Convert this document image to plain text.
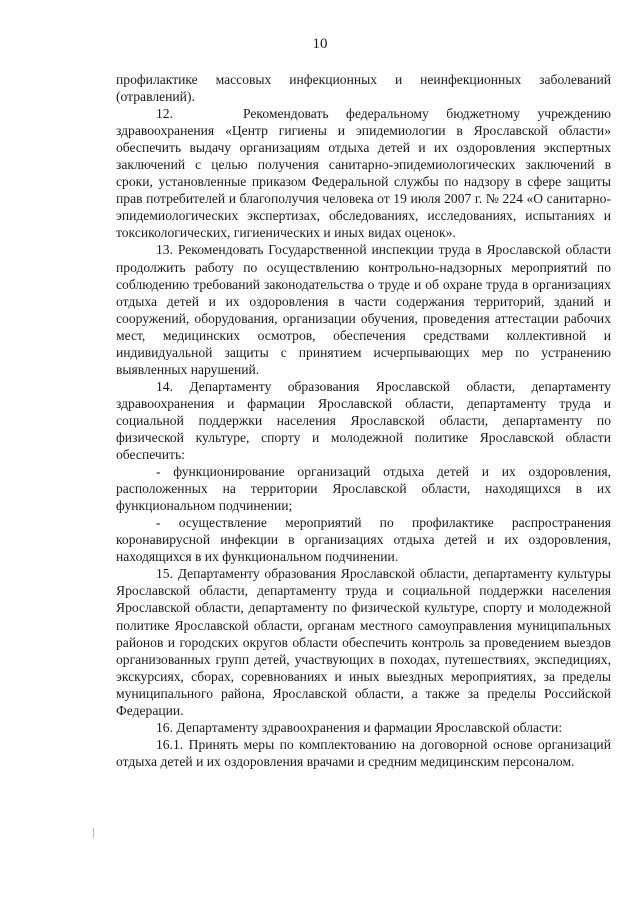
10

профилактике массовых инфекционных и неинфекционных заболеваний (отравлений).

12.	Рекомендовать федеральному бюджетному учреждению здравоохранения «Центр гигиены и эпидемиологии в Ярославской области» обеспечить выдачу организациям отдыха детей и их оздоровления экспертных заключений с целью получения санитарно-эпидемиологических заключений в сроки, установленные приказом Федеральной службы по надзору в сфере защиты прав потребителей и благополучия человека от 19 июля 2007 г. № 224 «О санитарно-эпидемиологических экспертизах, обследованиях, исследованиях, испытаниях и токсикологических, гигиенических и иных видах оценок».

13. Рекомендовать Государственной инспекции труда в Ярославской области продолжить работу по осуществлению контрольно-надзорных мероприятий по соблюдению требований законодательства о труде и об охране труда в организациях отдыха детей и их оздоровления в части содержания территорий, зданий и сооружений, оборудования, организации обучения, проведения аттестации рабочих мест, медицинских осмотров, обеспечения средствами коллективной и индивидуальной защиты с принятием исчерпывающих мер по устранению выявленных нарушений.

14. Департаменту образования Ярославской области, департаменту здравоохранения и фармации Ярославской области, департаменту труда и социальной поддержки населения Ярославской области, департаменту по физической культуре, спорту и молодежной политике Ярославской области обеспечить:

- функционирование организаций отдыха детей и их оздоровления, расположенных на территории Ярославской области, находящихся в их функциональном подчинении;

- осуществление мероприятий по профилактике распространения коронавирусной инфекции в организациях отдыха детей и их оздоровления, находящихся в их функциональном подчинении.

15. Департаменту образования Ярославской области, департаменту культуры Ярославской области, департаменту труда и социальной поддержки населения Ярославской области, департаменту по физической культуре, спорту и молодежной политике Ярославской области, органам местного самоуправления муниципальных районов и городских округов области обеспечить контроль за проведением выездов организованных групп детей, участвующих в походах, путешествиях, экспедициях, экскурсиях, сборах, соревнованиях и иных выездных мероприятиях, за пределы муниципального района, Ярославской области, а также за пределы Российской Федерации.

16. Департаменту здравоохранения и фармации Ярославской области:

16.1. Принять меры по комплектованию на договорной основе организаций отдыха детей и их оздоровления врачами и средним медицинским персоналом.
